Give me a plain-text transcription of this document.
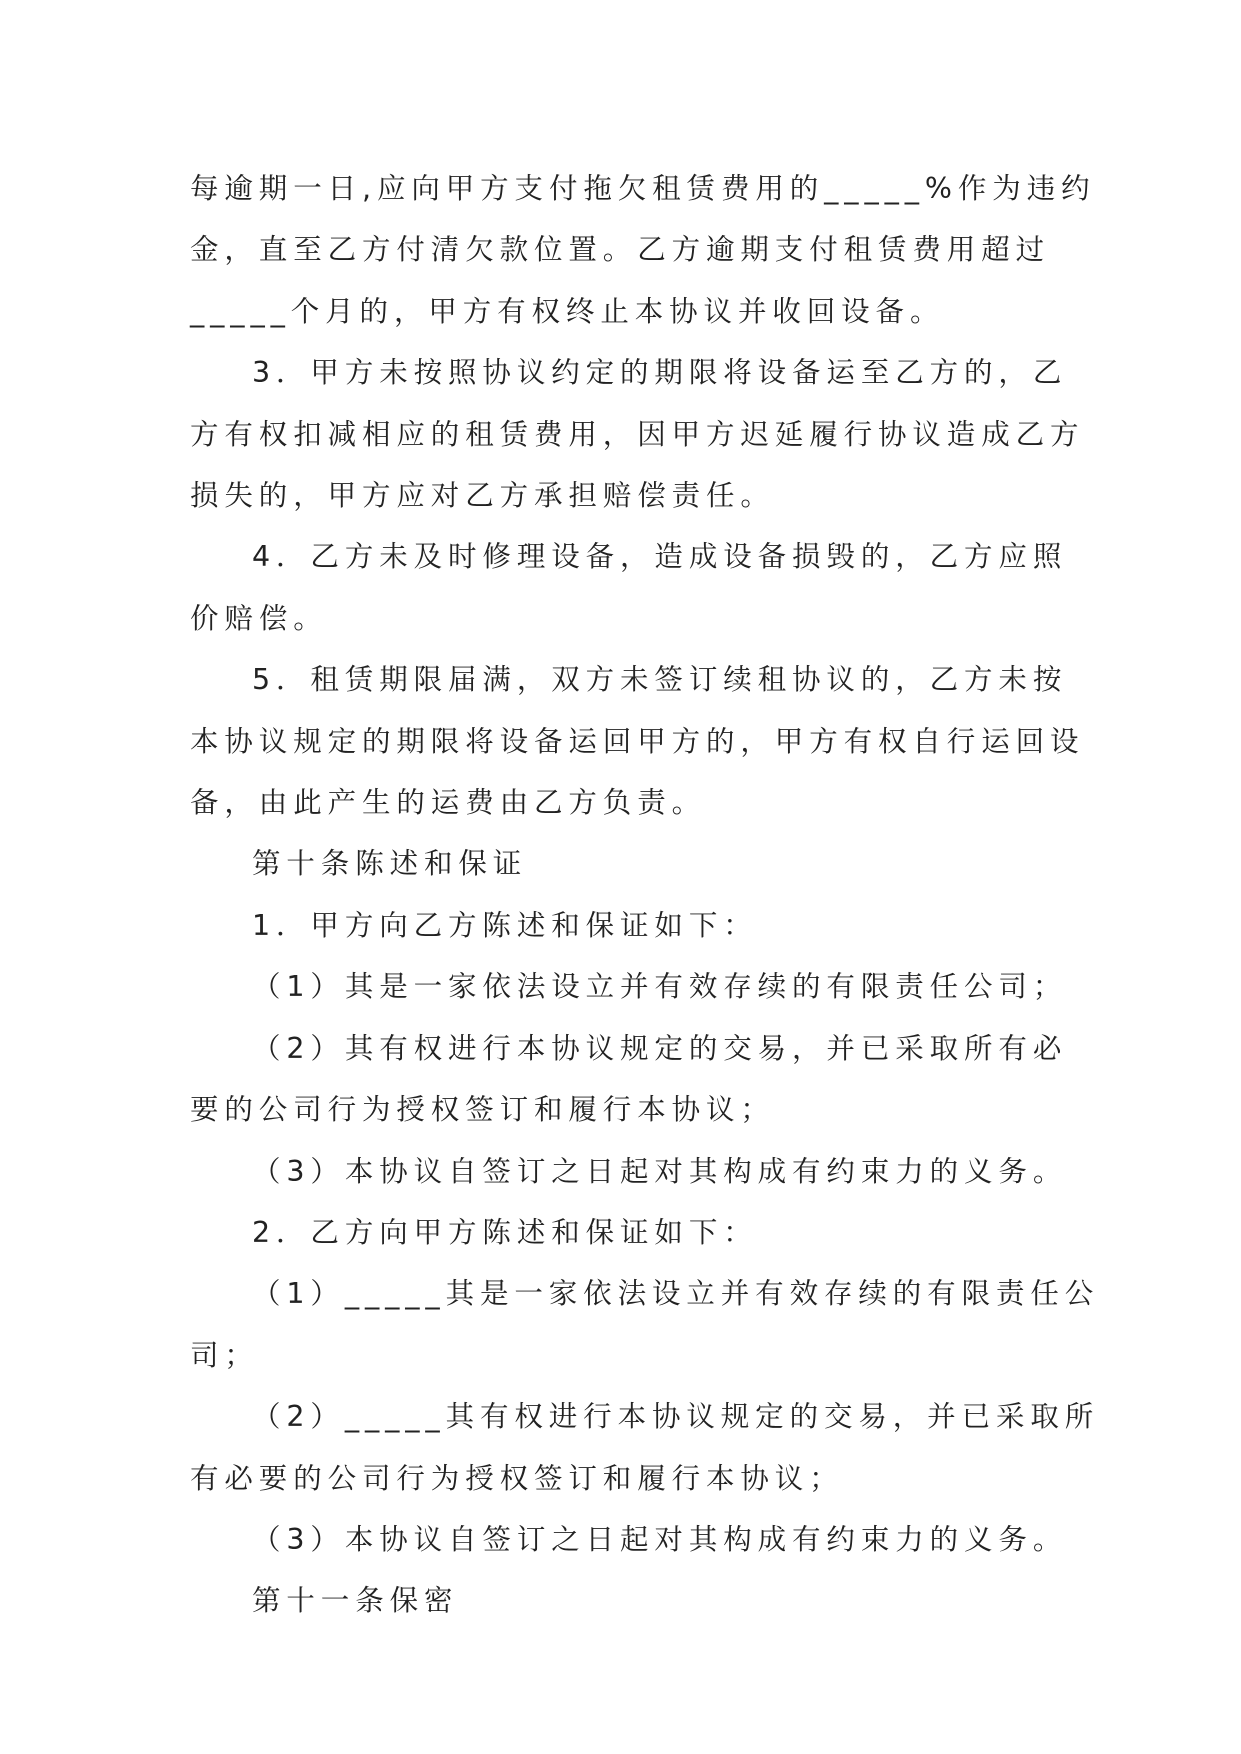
每逾期一日,应向甲方支付拖欠租赁费用的_____%作为违约
金，直至乙方付清欠款位置。乙方逾期支付租赁费用超过
_____个月的，甲方有权终止本协议并收回设备。

3．甲方未按照协议约定的期限将设备运至乙方的，乙
方有权扣减相应的租赁费用，因甲方迟延履行协议造成乙方
损失的，甲方应对乙方承担赔偿责任。

4．乙方未及时修理设备，造成设备损毁的，乙方应照
价赔偿。

5．租赁期限届满，双方未签订续租协议的，乙方未按
本协议规定的期限将设备运回甲方的，甲方有权自行运回设
备，由此产生的运费由乙方负责。

第十条陈述和保证

1．甲方向乙方陈述和保证如下：

（1）其是一家依法设立并有效存续的有限责任公司；

（2）其有权进行本协议规定的交易，并已采取所有必
要的公司行为授权签订和履行本协议；

（3）本协议自签订之日起对其构成有约束力的义务。

2．乙方向甲方陈述和保证如下：

（1）_____其是一家依法设立并有效存续的有限责任公
司；

（2）_____其有权进行本协议规定的交易，并已采取所
有必要的公司行为授权签订和履行本协议；

（3）本协议自签订之日起对其构成有约束力的义务。

第十一条保密
